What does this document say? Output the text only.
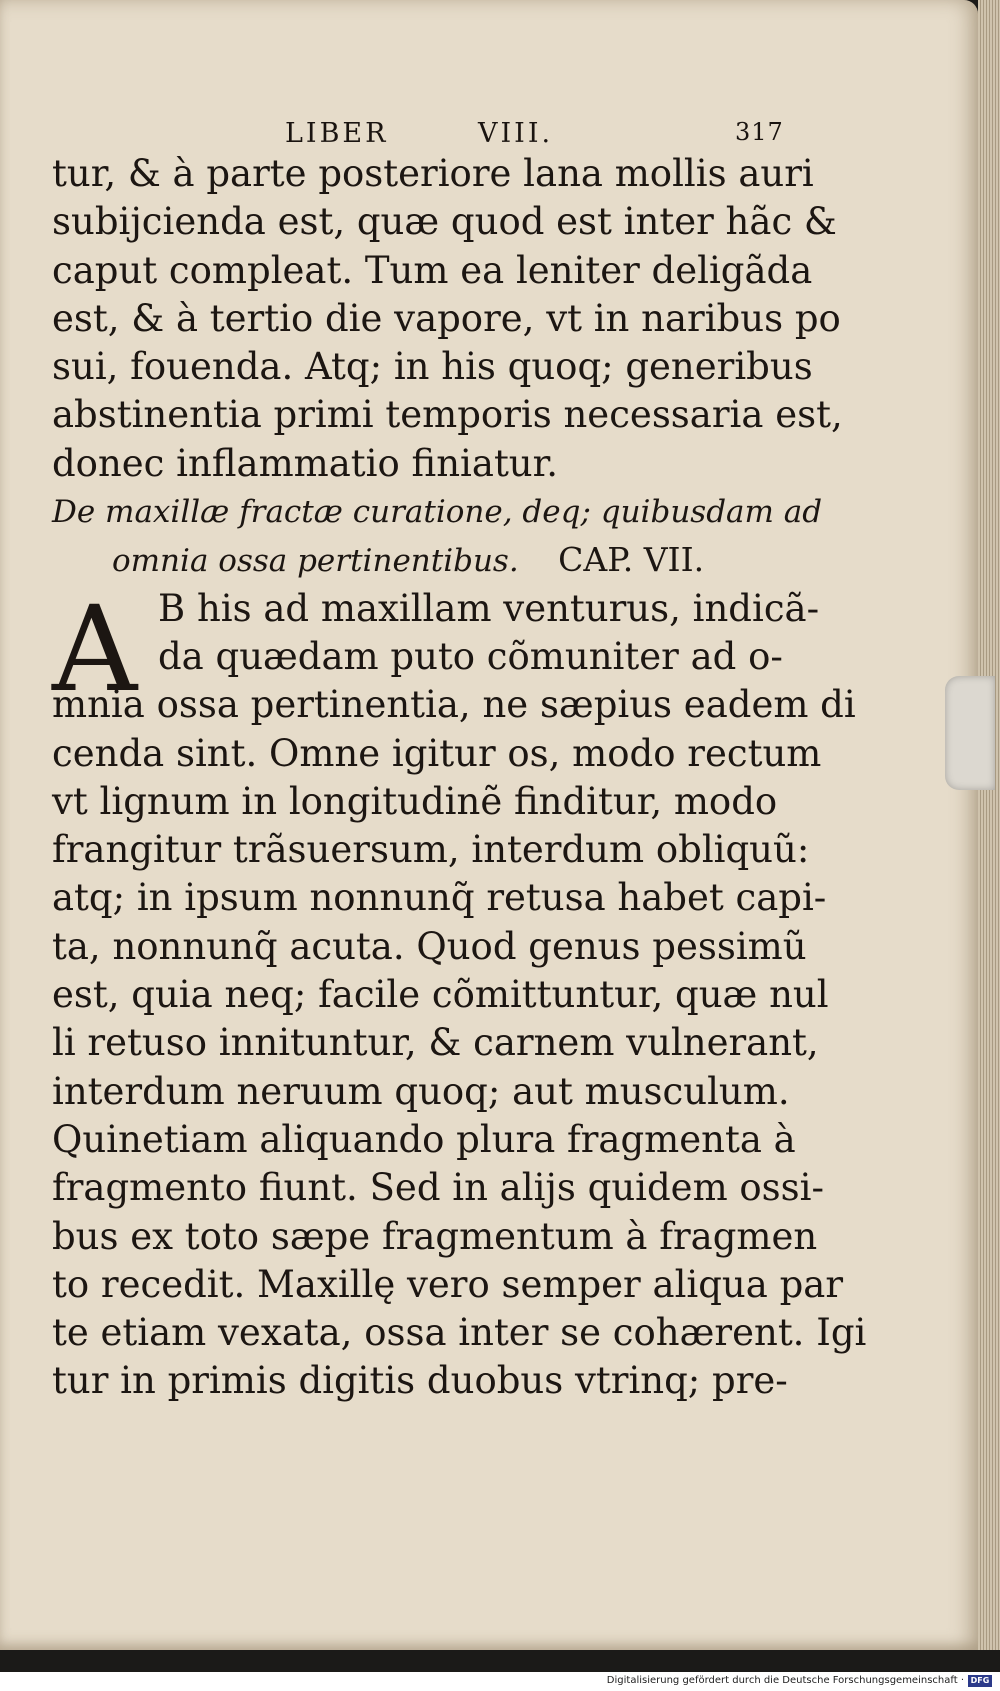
LIBER	VIII.	317
tur, & à parte posteriore lana mollis auri
subijcienda est, quæ quod est inter hãc &
caput compleat. Tum ea leniter deligãda
est, & à tertio die vapore, vt in naribus po
sui, fouenda. Atq; in his quoq; generibus
abstinentia primi temporis necessaria est,
donec inflammatio finiatur.
De maxillæ fractæ curatione, deq; quibusdam ad
omnia ossa pertinentibus. CAP. VII.
B his ad maxillam venturus, indicã-
da quædam puto cõmuniter ad o-
mnia ossa pertinentia, ne sæpius eadem di
cenda sint. Omne igitur os, modo rectum
vt lignum in longitudinẽ finditur, modo
frangitur trãsuersum, interdum obliquũ:
atq; in ipsum nonnunq̃ retusa habet capi-
ta, nonnunq̃ acuta. Quod genus pessimũ
est, quia neq; facile cõmittuntur, quæ nul
li retuso innituntur, & carnem vulnerant,
interdum neruum quoq; aut musculum.
Quinetiam aliquando plura fragmenta à
fragmento fiunt. Sed in alijs quidem ossi-
bus ex toto sæpe fragmentum à fragmen
to recedit. Maxillę vero semper aliqua par
te etiam vexata, ossa inter se cohærent. Igi
tur in primis digitis duobus vtrinq; pre-
A
Digitalisierung gefördert durch die Deutsche Forschungsgemeinschaft · DFG
